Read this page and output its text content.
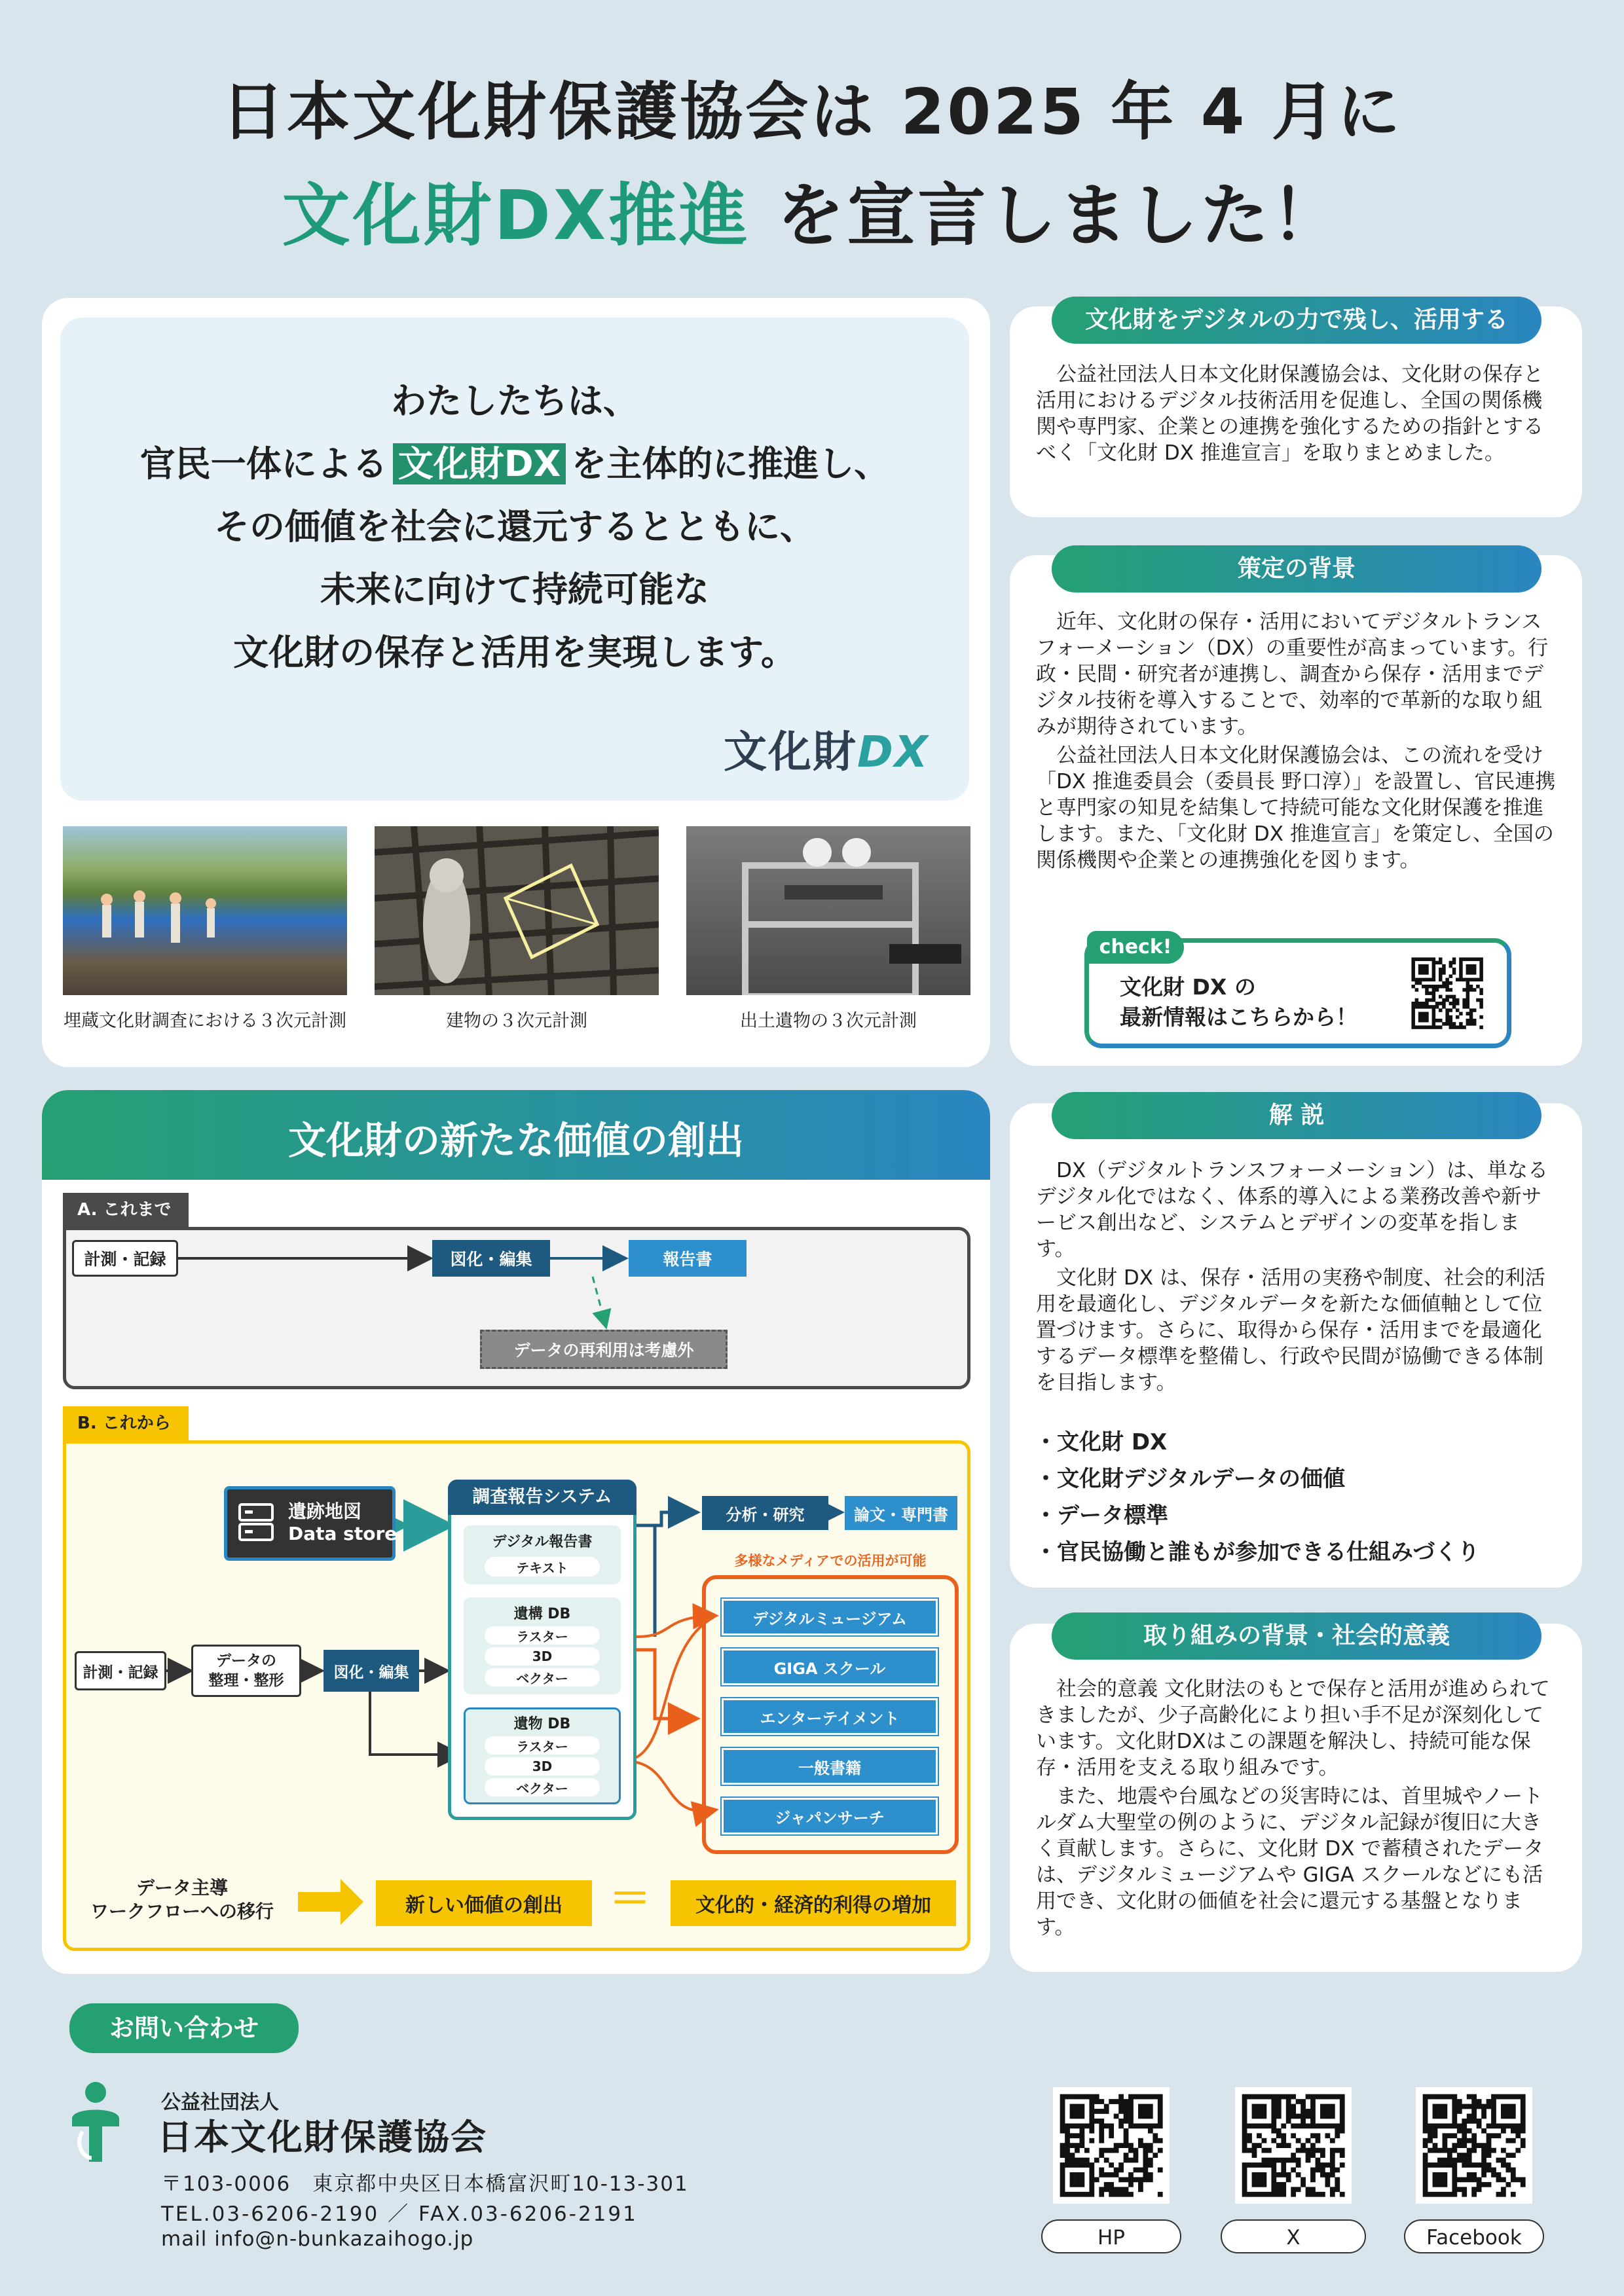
日本文化財保護協会は 2025 年 4 月に
文化財DX推進 を宣言しました！
わたしたちは、
官民一体による 文化財DX を主体的に推進し、
その価値を社会に還元するとともに、
未来に向けて持続可能な
文化財の保存と活用を実現します。
文化財DX
埋蔵文化財調査における３次元計測	建物の３次元計測	出土遺物の３次元計測
文化財をデジタルの力で残し、活用する

公益社団法人日本文化財保護協会は、文化財の保存と活用におけるデジタル技術活用を促進し、全国の関係機関や専門家、企業との連携を強化するための指針とするべく「文化財 DX 推進宣言」を取りまとめました。

策定の背景

近年、文化財の保存・活用においてデジタルトランスフォーメーション（DX）の重要性が高まっています。行政・民間・研究者が連携し、調査から保存・活用までデジタル技術を導入することで、効率的で革新的な取り組みが期待されています。

公益社団法人日本文化財保護協会は、この流れを受け「DX 推進委員会（委員長 野口淳）」を設置し、官民連携と専門家の知見を結集して持続可能な文化財保護を推進します。また、「文化財 DX 推進宣言」を策定し、全国の関係機関や企業との連携強化を図ります。

check!
文化財 DX の
最新情報はこちらから！
解 説

DX（デジタルトランスフォーメーション）は、単なるデジタル化ではなく、体系的導入による業務改善や新サービス創出など、システムとデザインの変革を指します。

文化財 DX は、保存・活用の実務や制度、社会的利活用を最適化し、デジタルデータを新たな価値軸として位置づけます。さらに、取得から保存・活用までを最適化するデータ標準を整備し、行政や民間が協働できる体制を目指します。

・文化財 DX

・文化財デジタルデータの価値

・データ標準

・官民協働と誰もが参加できる仕組みづくり

取り組みの背景・社会的意義

社会的意義 文化財法のもとで保存と活用が進められてきましたが、少子高齢化により担い手不足が深刻化しています。文化財DXはこの課題を解決し、持続可能な保存・活用を支える取り組みです。

また、地震や台風などの災害時には、首里城やノートルダム大聖堂の例のように、デジタル記録が復旧に大きく貢献します。さらに、文化財 DX で蓄積されたデータは、デジタルミュージアムや GIGA スクールなどにも活用でき、文化財の価値を社会に還元する基盤となります。

文化財の新たな価値の創出
A. これまで
B. これから
計測・記録	図化・編集	報告書
データの再利用は考慮外
遺跡地図
Data store
調査報告システム
デジタル報告書
テキスト
遺構 DB
ラスター
3D
ベクター
遺物 DB
ラスター
3D
ベクター
計測・記録
データの
整理・整形	図化・編集
分析・研究	論文・専門書
多様なメディアでの活用が可能
デジタルミュージアム
GIGA スクール
エンターテイメント
一般書籍
ジャパンサーチ
データ主導
ワークフローへの移行	新しい価値の創出	＝	文化的・経済的利得の増加
お問い合わせ
公益社団法人
日本文化財保護協会
〒103-0006　東京都中央区日本橋富沢町10-13-301
TEL.03-6206-2190 ／ FAX.03-6206-2191
mail info@n-bunkazaihogo.jp	HP	X	Facebook
